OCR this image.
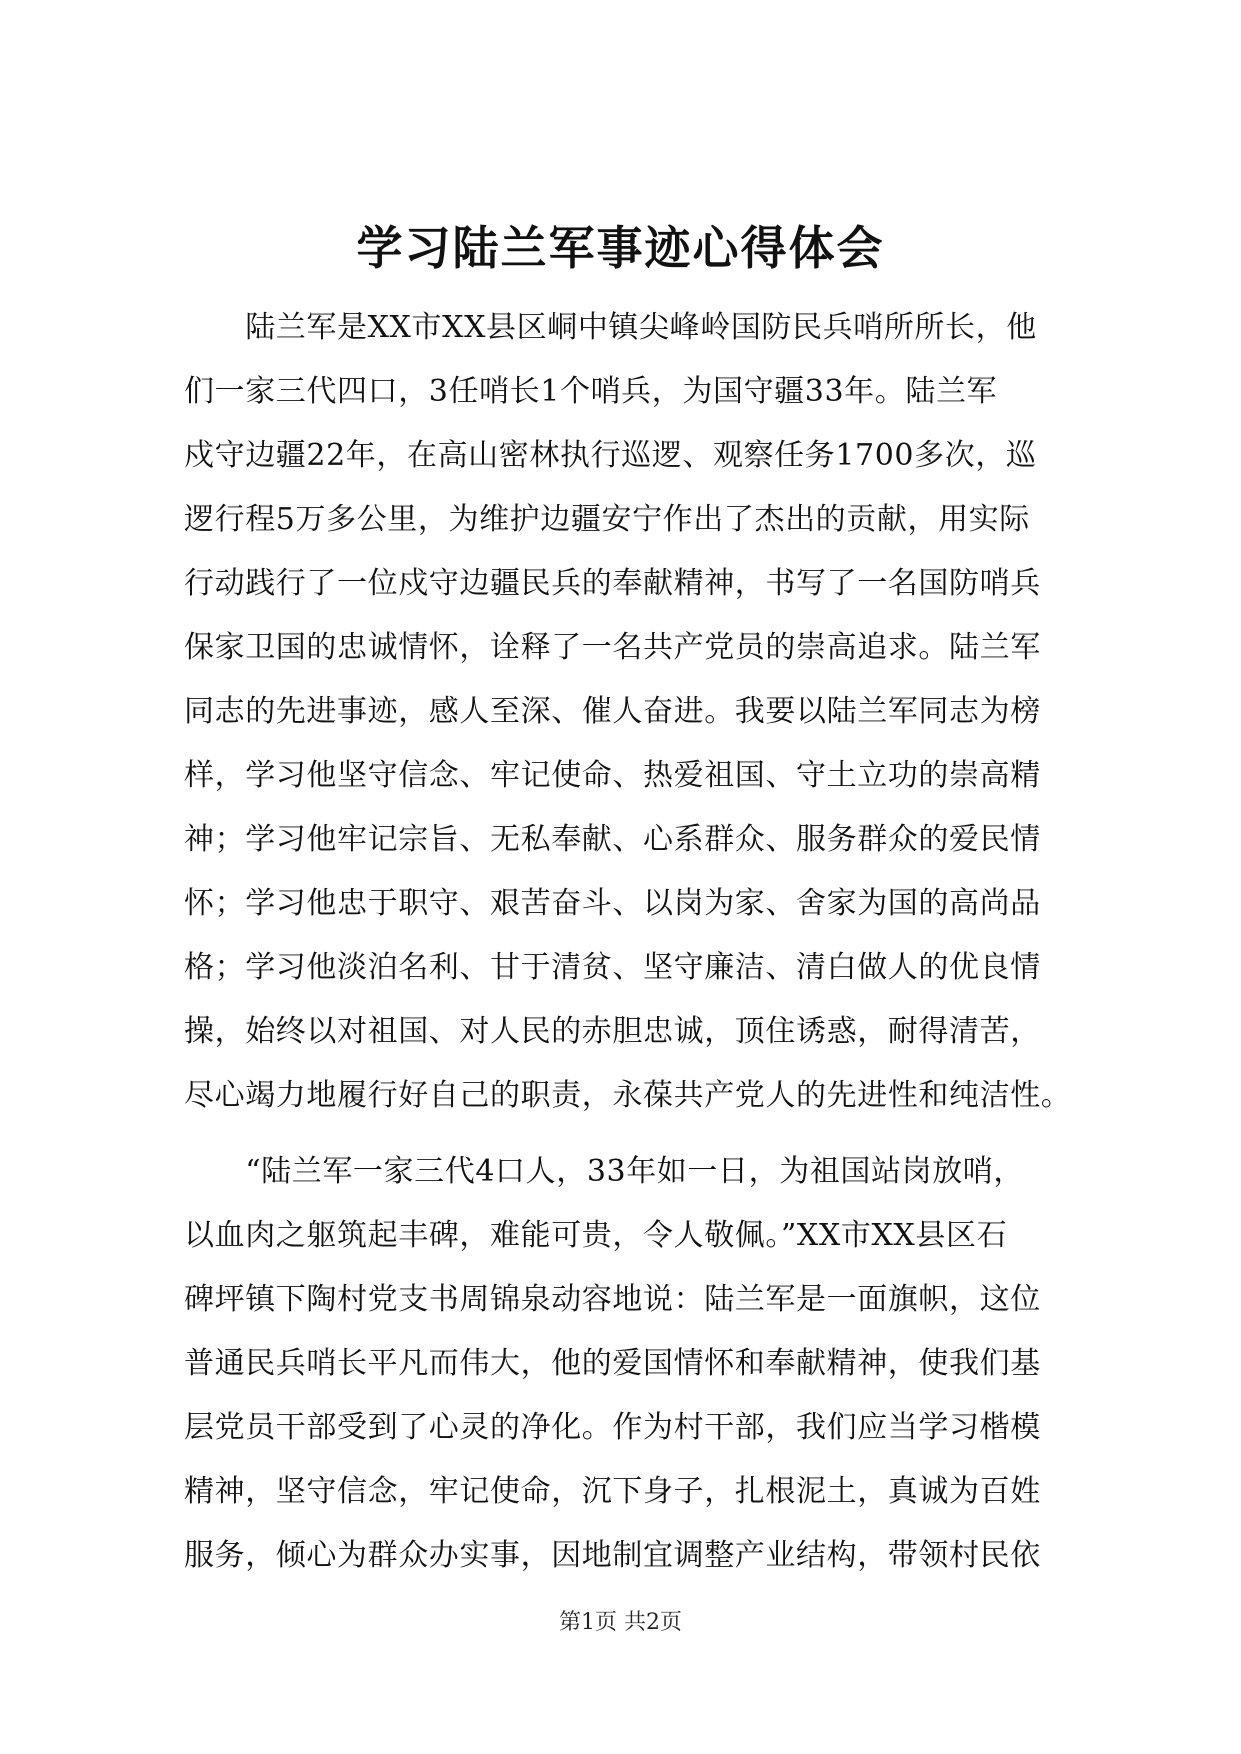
学习陆兰军事迹心得体会
　　陆兰军是XX市XX县区峒中镇尖峰岭国防民兵哨所所长，他
们一家三代四口，3任哨长1个哨兵，为国守疆33年。陆兰军
戍守边疆22年，在高山密林执行巡逻、观察任务1700多次，巡
逻行程5万多公里，为维护边疆安宁作出了杰出的贡献，用实际
行动践行了一位戍守边疆民兵的奉献精神，书写了一名国防哨兵
保家卫国的忠诚情怀，诠释了一名共产党员的崇高追求。陆兰军
同志的先进事迹，感人至深、催人奋进。我要以陆兰军同志为榜
样，学习他坚守信念、牢记使命、热爱祖国、守土立功的崇高精
神；学习他牢记宗旨、无私奉献、心系群众、服务群众的爱民情
怀；学习他忠于职守、艰苦奋斗、以岗为家、舍家为国的高尚品
格；学习他淡泊名利、甘于清贫、坚守廉洁、清白做人的优良情
操，始终以对祖国、对人民的赤胆忠诚，顶住诱惑，耐得清苦，
尽心竭力地履行好自己的职责，永葆共产党人的先进性和纯洁性。
　　“陆兰军一家三代4口人，33年如一日，为祖国站岗放哨，
以血肉之躯筑起丰碑，难能可贵，令人敬佩。”XX市XX县区石
碑坪镇下陶村党支书周锦泉动容地说：陆兰军是一面旗帜，这位
普通民兵哨长平凡而伟大，他的爱国情怀和奉献精神，使我们基
层党员干部受到了心灵的净化。作为村干部，我们应当学习楷模
精神，坚守信念，牢记使命，沉下身子，扎根泥土，真诚为百姓
服务，倾心为群众办实事，因地制宜调整产业结构，带领村民依
第1页 共2页
